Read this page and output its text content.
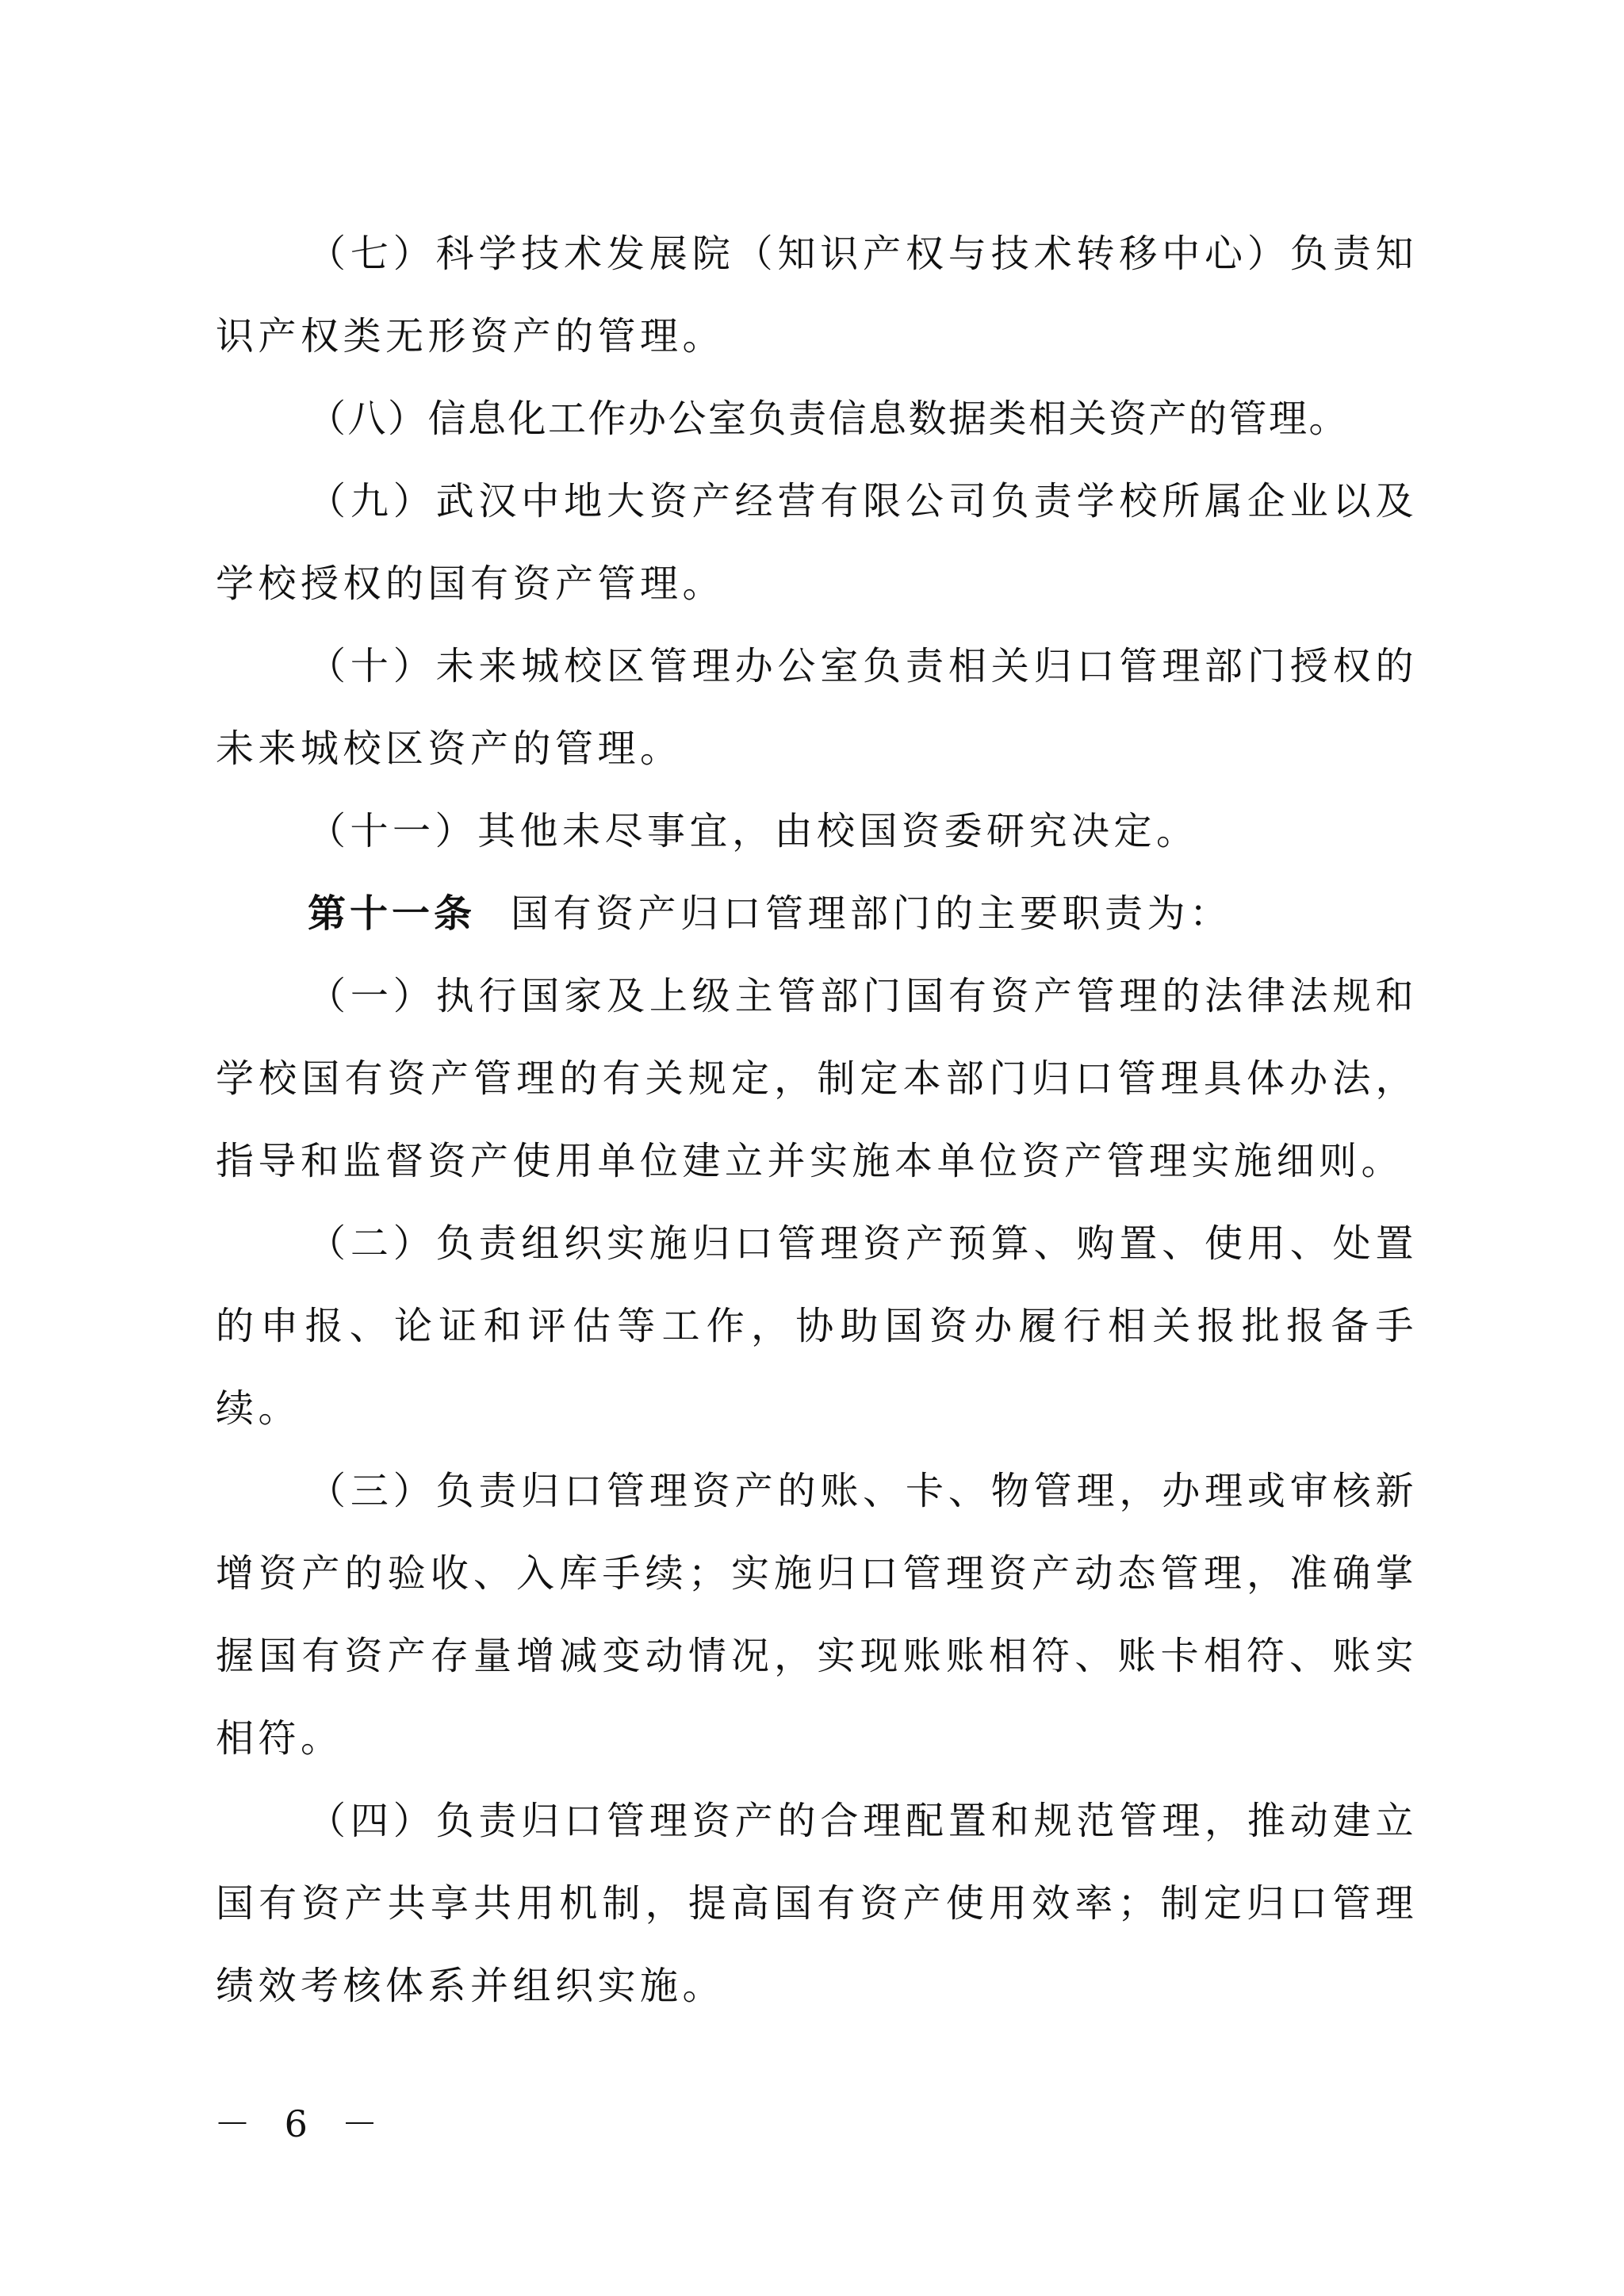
（七）科学技术发展院（知识产权与技术转移中心）负责知识产权类无形资产的管理。

（八）信息化工作办公室负责信息数据类相关资产的管理。

（九）武汉中地大资产经营有限公司负责学校所属企业以及学校授权的国有资产管理。

（十）未来城校区管理办公室负责相关归口管理部门授权的未来城校区资产的管理。

（十一）其他未尽事宜，由校国资委研究决定。

第十一条 国有资产归口管理部门的主要职责为：

（一）执行国家及上级主管部门国有资产管理的法律法规和学校国有资产管理的有关规定，制定本部门归口管理具体办法，指导和监督资产使用单位建立并实施本单位资产管理实施细则。

（二）负责组织实施归口管理资产预算、购置、使用、处置的申报、论证和评估等工作，协助国资办履行相关报批报备手续。

（三）负责归口管理资产的账、卡、物管理，办理或审核新增资产的验收、入库手续；实施归口管理资产动态管理，准确掌握国有资产存量增减变动情况，实现账账相符、账卡相符、账实相符。

（四）负责归口管理资产的合理配置和规范管理，推动建立国有资产共享共用机制，提高国有资产使用效率；制定归口管理绩效考核体系并组织实施。

－ 6 －
